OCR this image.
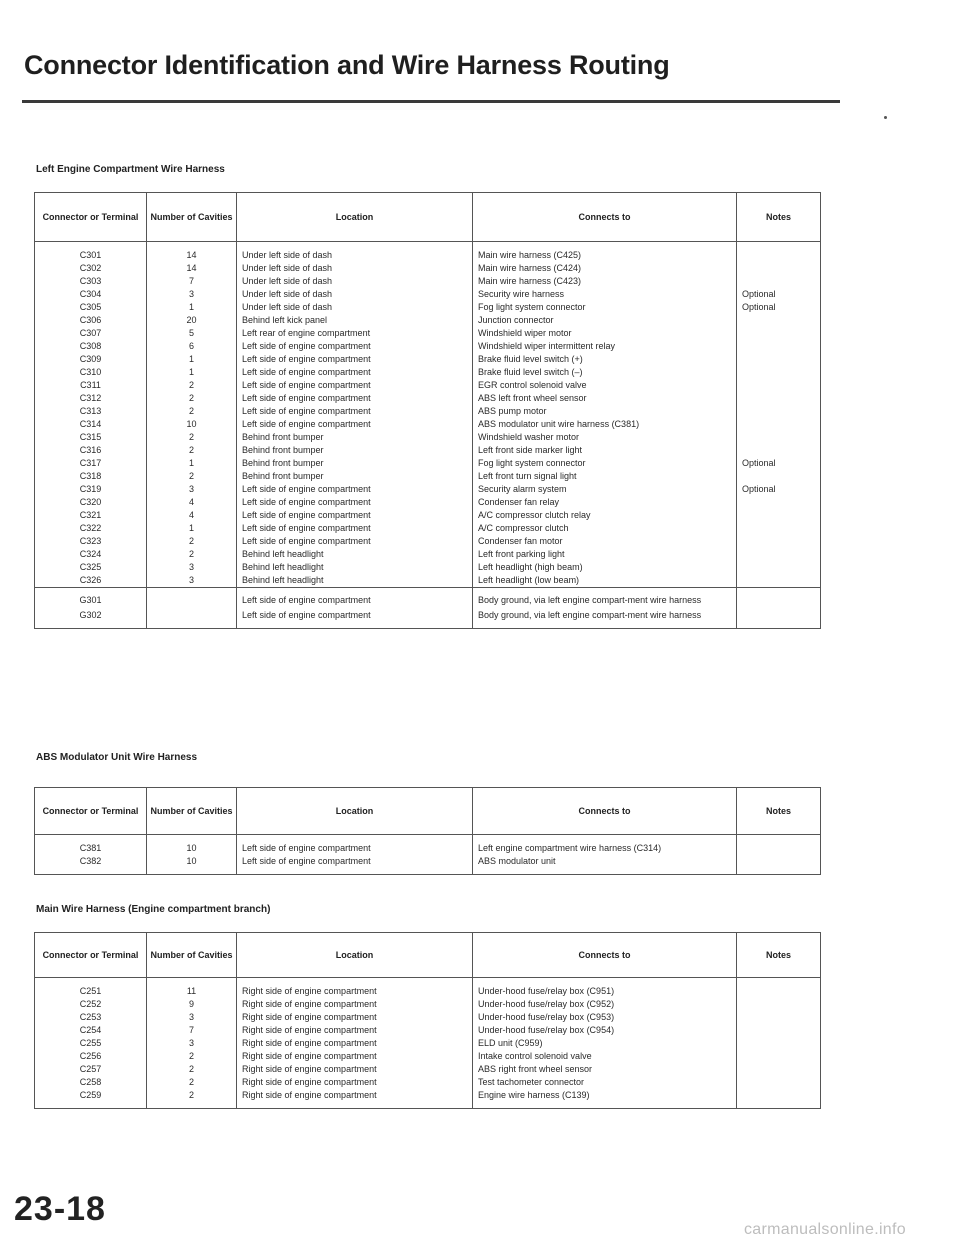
Connector Identification and Wire Harness Routing
Left Engine Compartment Wire Harness
Connector or Terminal	Number of Cavities	Location	Connects to	Notes
C301	14	Under left side of dash	Main wire harness (C425)	
C302	14	Under left side of dash	Main wire harness (C424)	
C303	7	Under left side of dash	Main wire harness (C423)	
C304	3	Under left side of dash	Security wire harness	Optional
C305	1	Under left side of dash	Fog light system connector	Optional
C306	20	Behind left kick panel	Junction connector	
C307	5	Left rear of engine compartment	Windshield wiper motor	
C308	6	Left side of engine compartment	Windshield wiper intermittent relay	
C309	1	Left side of engine compartment	Brake fluid level switch (+)	
C310	1	Left side of engine compartment	Brake fluid level switch (–)	
C311	2	Left side of engine compartment	EGR control solenoid valve	
C312	2	Left side of engine compartment	ABS left front wheel sensor	
C313	2	Left side of engine compartment	ABS pump motor	
C314	10	Left side of engine compartment	ABS modulator unit wire harness (C381)	
C315	2	Behind front bumper	Windshield washer motor	
C316	2	Behind front bumper	Left front side marker light	
C317	1	Behind front bumper	Fog light system connector	Optional
C318	2	Behind front bumper	Left front turn signal light	
C319	3	Left side of engine compartment	Security alarm system	Optional
C320	4	Left side of engine compartment	Condenser fan relay	
C321	4	Left side of engine compartment	A/C compressor clutch relay	
C322	1	Left side of engine compartment	A/C compressor clutch	
C323	2	Left side of engine compartment	Condenser fan motor	
C324	2	Behind left headlight	Left front parking light	
C325	3	Behind left headlight	Left headlight (high beam)	
C326	3	Behind left headlight	Left headlight (low beam)	

G301		Left side of engine compartment	Body ground, via left engine compart-ment wire harness	
G302		Left side of engine compartment	Body ground, via left engine compart-ment wire harness	
ABS Modulator Unit Wire Harness
Connector or Terminal	Number of Cavities	Location	Connects to	Notes
C381	10	Left side of engine compartment	Left engine compartment wire harness (C314)	
C382	10	Left side of engine compartment	ABS modulator unit	
Main Wire Harness (Engine compartment branch)
Connector or Terminal	Number of Cavities	Location	Connects to	Notes
C251	11	Right side of engine compartment	Under-hood fuse/relay box (C951)	
C252	9	Right side of engine compartment	Under-hood fuse/relay box (C952)	
C253	3	Right side of engine compartment	Under-hood fuse/relay box (C953)	
C254	7	Right side of engine compartment	Under-hood fuse/relay box (C954)	
C255	3	Right side of engine compartment	ELD unit (C959)	
C256	2	Right side of engine compartment	Intake control solenoid valve	
C257	2	Right side of engine compartment	ABS right front wheel sensor	
C258	2	Right side of engine compartment	Test tachometer connector	
C259	2	Right side of engine compartment	Engine wire harness (C139)	
23-18
carmanualsonline.info
